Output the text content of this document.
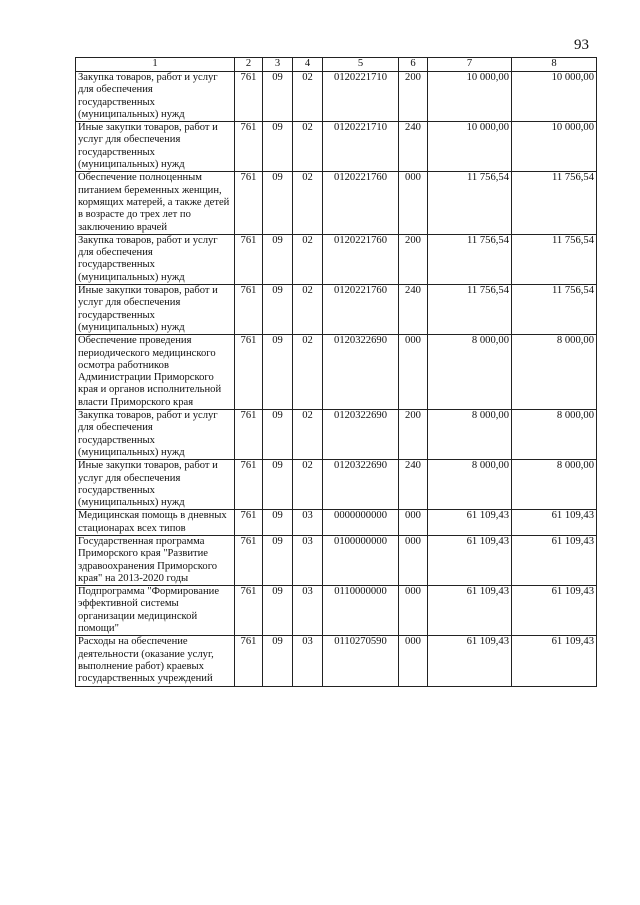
93
1	2	3	4	5	6	7	8
Закупка товаров, работ и услуг для обеспечения государственных (муниципальных) нужд	761	09	02	0120221710	200	10 000,00	10 000,00
Иные закупки товаров, работ и услуг для обеспечения государственных (муниципальных) нужд	761	09	02	0120221710	240	10 000,00	10 000,00
Обеспечение полноценным питанием беременных женщин, кормящих матерей, а также детей в возрасте до трех лет по заключению врачей	761	09	02	0120221760	000	11 756,54	11 756,54
Закупка товаров, работ и услуг для обеспечения государственных (муниципальных) нужд	761	09	02	0120221760	200	11 756,54	11 756,54
Иные закупки товаров, работ и услуг для обеспечения государственных (муниципальных) нужд	761	09	02	0120221760	240	11 756,54	11 756,54
Обеспечение проведения периодического медицинского осмотра работников Администрации Приморского края и органов исполнительной власти Приморского края	761	09	02	0120322690	000	8 000,00	8 000,00
Закупка товаров, работ и услуг для обеспечения государственных (муниципальных) нужд	761	09	02	0120322690	200	8 000,00	8 000,00
Иные закупки товаров, работ и услуг для обеспечения государственных (муниципальных) нужд	761	09	02	0120322690	240	8 000,00	8 000,00
Медицинская помощь в дневных стационарах всех типов	761	09	03	0000000000	000	61 109,43	61 109,43
Государственная программа Приморского края "Развитие здравоохранения Приморского края" на 2013-2020 годы	761	09	03	0100000000	000	61 109,43	61 109,43
Подпрограмма "Формирование эффективной системы организации медицинской помощи"	761	09	03	0110000000	000	61 109,43	61 109,43
Расходы на обеспечение деятельности (оказание услуг, выполнение работ) краевых государственных учреждений	761	09	03	0110270590	000	61 109,43	61 109,43
